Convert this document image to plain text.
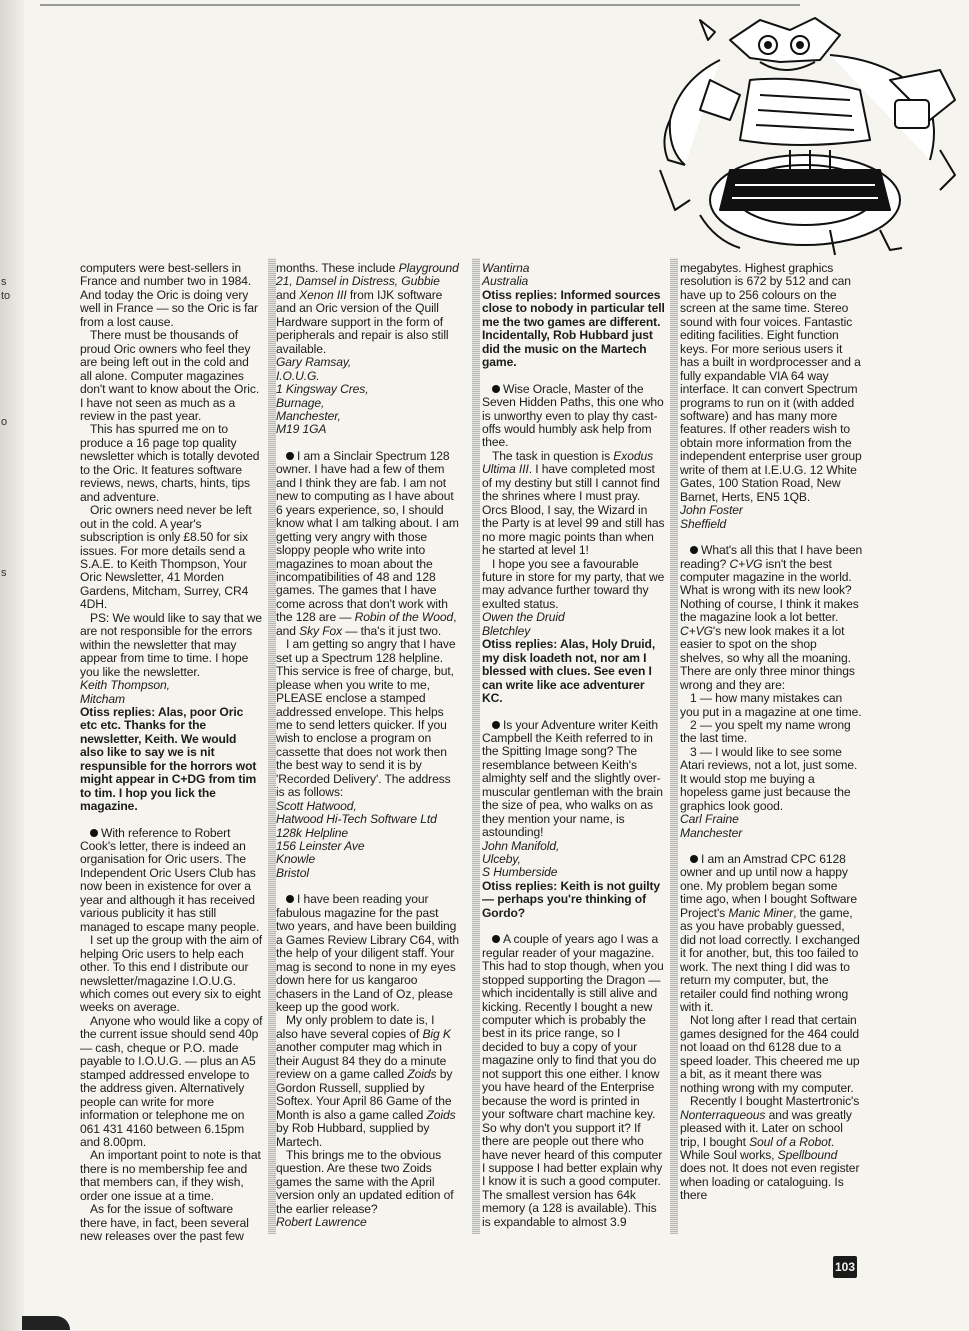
s
to
o
s

computers were best-sellers in France and number two in 1984. And today the Oric is doing very well in France — so the Oric is far from a lost cause.

There must be thousands of proud Oric owners who feel they are being left out in the cold and all alone. Computer magazines don't want to know about the Oric. I have not seen as much as a review in the past year.

This has spurred me on to produce a 16 page top quality newsletter which is totally devoted to the Oric. It features software reviews, news, charts, hints, tips and adventure.

Oric owners need never be left out in the cold. A year's subscription is only £8.50 for six issues. For more details send a S.A.E. to Keith Thompson, Your Oric Newsletter, 41 Morden Gardens, Mitcham, Surrey, CR4 4DH.

PS: We would like to say that we are not responsible for the errors within the newsletter that may appear from time to time. I hope you like the newsletter.

Keith Thompson,

Mitcham

Otiss replies: Alas, poor Oric etc etc. Thanks for the newsletter, Keith. We would also like to say we is nit respunsible for the horrors wot might appear in C+DG from tim to tim. I hop you lick the magazine.

With reference to Robert Cook's letter, there is indeed an organisation for Oric users. The Independent Oric Users Club has now been in existence for over a year and although it has received various publicity it has still managed to escape many people.

I set up the group with the aim of helping Oric users to help each other. To this end I distribute our newsletter/magazine I.O.U.G. which comes out every six to eight weeks on average.

Anyone who would like a copy of the current issue should send 40p — cash, cheque or P.O. made payable to I.O.U.G. — plus an A5 stamped addressed envelope to the address given. Alternatively people can write for more information or telephone me on 061 431 4160 between 6.15pm and 8.00pm.

An important point to note is that there is no membership fee and that members can, if they wish, order one issue at a time.

As for the issue of software there have, in fact, been several new releases over the past few

months. These include Playground 21, Damsel in Distress, Gubbie and Xenon III from IJK software and an Oric version of the Quill Hardware support in the form of peripherals and repair is also still available.

Gary Ramsay,

I.O.U.G.

1 Kingsway Cres,

Burnage,

Manchester,

M19 1GA

I am a Sinclair Spectrum 128 owner. I have had a few of them and I think they are fab. I am not new to computing as I have about 6 years experience, so, I should know what I am talking about. I am getting very angry with those sloppy people who write into magazines to moan about the incompatibilities of 48 and 128 games. The games that I have come across that don't work with the 128 are — Robin of the Wood, and Sky Fox — tha's it just two.

I am getting so angry that I have set up a Spectrum 128 helpline. This service is free of charge, but, please when you write to me, PLEASE enclose a stamped addressed envelope. This helps me to send letters quicker. If you wish to enclose a program on cassette that does not work then the best way to send it is by 'Recorded Delivery'. The address is as follows:

Scott Hatwood,

Hatwood Hi-Tech Software Ltd

128k Helpline

156 Leinster Ave

Knowle

Bristol

I have been reading your fabulous magazine for the past two years, and have been building a Games Review Library C64, with the help of your diligent staff. Your mag is second to none in my eyes down here for us kangaroo chasers in the Land of Oz, please keep up the good work.

My only problem to date is, I also have several copies of Big K another computer mag which in their August 84 they do a minute review on a game called Zoids by Gordon Russell, supplied by Softex. Your April 86 Game of the Month is also a game called Zoids by Rob Hubbard, supplied by Martech.

This brings me to the obvious question. Are these two Zoids games the same with the April version only an updated edition of the earlier release?

Robert Lawrence

Wantirna

Australia

Otiss replies: Informed sources close to nobody in particular tell me the two games are different. Incidentally, Rob Hubbard just did the music on the Martech game.

Wise Oracle, Master of the Seven Hidden Paths, this one who is unworthy even to play thy cast-offs would humbly ask help from thee.

The task in question is Exodus Ultima III. I have completed most of my destiny but still I cannot find the shrines where I must pray. Orcs Blood, I say, the Wizard in the Party is at level 99 and still has no more magic points than when he started at level 1!

I hope you see a favourable future in store for my party, that we may advance further toward thy exulted status.

Owen the Druid

Bletchley

Otiss replies: Alas, Holy Druid, my disk loadeth not, nor am I blessed with clues. See even I can write like ace adventurer KC.

Is your Adventure writer Keith Campbell the Keith referred to in the Spitting Image song? The resemblance between Keith's almighty self and the slightly over-muscular gentleman with the brain the size of pea, who walks on as they mention your name, is astounding!

John Manifold,

Ulceby,

S Humberside

Otiss replies: Keith is not guilty — perhaps you're thinking of Gordo?

A couple of years ago I was a regular reader of your magazine. This had to stop though, when you stopped supporting the Dragon — which incidentally is still alive and kicking. Recently I bought a new computer which is probably the best in its price range, so I decided to buy a copy of your magazine only to find that you do not support this one either. I know you have heard of the Enterprise because the word is printed in your software chart machine key. So why don't you support it? If there are people out there who have never heard of this computer I suppose I had better explain why I know it is such a good computer. The smallest version has 64k memory (a 128 is available). This is expandable to almost 3.9

megabytes. Highest graphics resolution is 672 by 512 and can have up to 256 colours on the screen at the same time. Stereo sound with four voices. Fantastic editing facilities. Eight function keys. For more serious users it has a built in wordprocesser and a fully expandable VIA 64 way interface. It can convert Spectrum programs to run on it (with added software) and has many more features. If other readers wish to obtain more information from the independent enterprise user group write of them at I.E.U.G. 12 White Gates, 100 Station Road, New Barnet, Herts, EN5 1QB.

John Foster

Sheffield

What's all this that I have been reading? C+VG isn't the best computer magazine in the world. What is wrong with its new look? Nothing of course, I think it makes the magazine look a lot better. C+VG's new look makes it a lot easier to spot on the shop shelves, so why all the moaning. There are only three minor things wrong and they are:

1 — how many mistakes can you put in a magazine at one time.

2 — you spelt my name wrong the last time.

3 — I would like to see some Atari reviews, not a lot, just some. It would stop me buying a hopeless game just because the graphics look good.

Carl Fraine

Manchester

I am an Amstrad CPC 6128 owner and up until now a happy one. My problem began some time ago, when I bought Software Project's Manic Miner, the game, as you have probably guessed, did not load correctly. I exchanged it for another, but, this too failed to work. The next thing I did was to return my computer, but, the retailer could find nothing wrong with it.

Not long after I read that certain games designed for the 464 could not loaad on thd 6128 due to a speed loader. This cheered me up a bit, as it meant there was nothing wrong with my computer.

Recently I bought Mastertronic's Nonterraqueous and was greatly pleased with it. Later on school trip, I bought Soul of a Robot. While Soul works, Spellbound does not. It does not even register when loading or cataloguing. Is there

103
